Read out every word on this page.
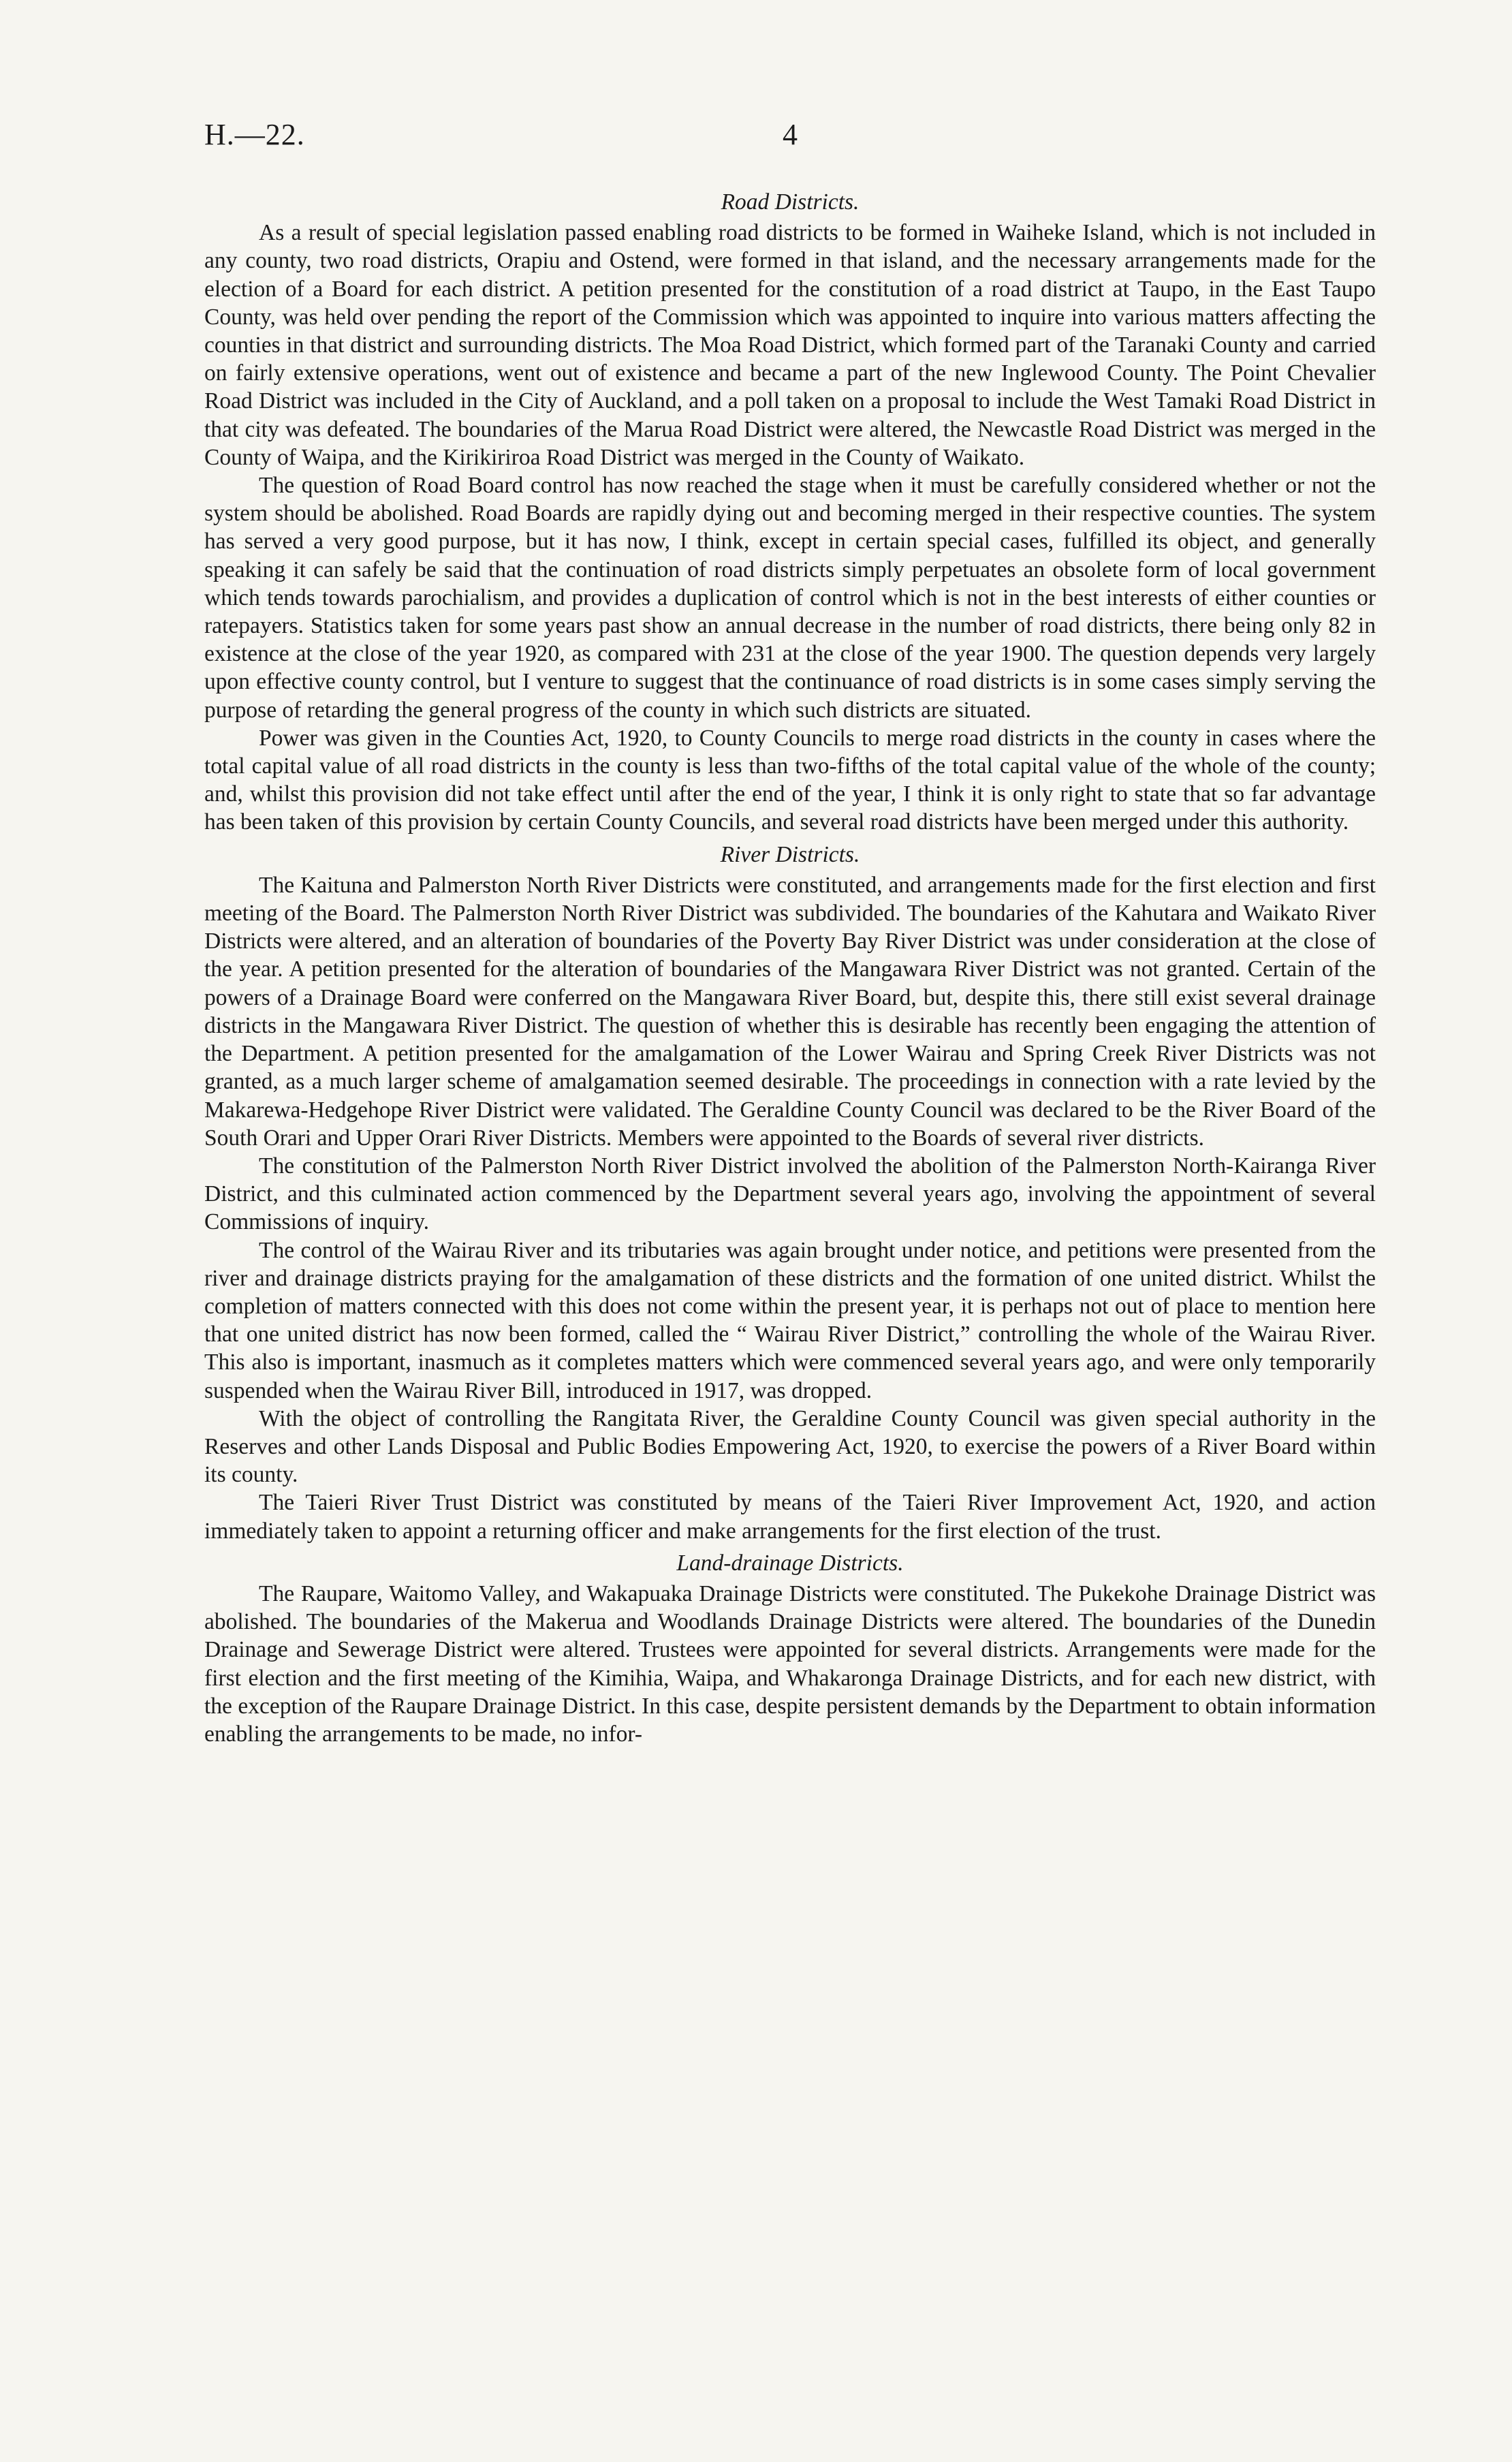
H.—22.	4
Road Districts.

As a result of special legislation passed enabling road districts to be formed in Waiheke Island, which is not included in any county, two road districts, Orapiu and Ostend, were formed in that island, and the necessary arrangements made for the election of a Board for each district. A petition presented for the constitution of a road district at Taupo, in the East Taupo County, was held over pending the report of the Commission which was appointed to inquire into various matters affecting the counties in that district and surrounding districts. The Moa Road District, which formed part of the Taranaki County and carried on fairly extensive operations, went out of existence and became a part of the new Inglewood County. The Point Chevalier Road District was included in the City of Auckland, and a poll taken on a proposal to include the West Tamaki Road District in that city was defeated. The boundaries of the Marua Road District were altered, the Newcastle Road District was merged in the County of Waipa, and the Kirikiriroa Road District was merged in the County of Waikato.

The question of Road Board control has now reached the stage when it must be carefully considered whether or not the system should be abolished. Road Boards are rapidly dying out and becoming merged in their respective counties. The system has served a very good purpose, but it has now, I think, except in certain special cases, fulfilled its object, and generally speaking it can safely be said that the continuation of road districts simply perpetuates an obsolete form of local government which tends towards parochialism, and provides a duplication of control which is not in the best interests of either counties or ratepayers. Statistics taken for some years past show an annual decrease in the number of road districts, there being only 82 in existence at the close of the year 1920, as compared with 231 at the close of the year 1900. The question depends very largely upon effective county control, but I venture to suggest that the continuance of road districts is in some cases simply serving the purpose of retarding the general progress of the county in which such districts are situated.

Power was given in the Counties Act, 1920, to County Councils to merge road districts in the county in cases where the total capital value of all road districts in the county is less than two-fifths of the total capital value of the whole of the county; and, whilst this provision did not take effect until after the end of the year, I think it is only right to state that so far advantage has been taken of this provision by certain County Councils, and several road districts have been merged under this authority.

River Districts.

The Kaituna and Palmerston North River Districts were constituted, and arrangements made for the first election and first meeting of the Board. The Palmerston North River District was subdivided. The boundaries of the Kahutara and Waikato River Districts were altered, and an alteration of boundaries of the Poverty Bay River District was under consideration at the close of the year. A petition presented for the alteration of boundaries of the Mangawara River District was not granted. Certain of the powers of a Drainage Board were conferred on the Mangawara River Board, but, despite this, there still exist several drainage districts in the Mangawara River District. The question of whether this is desirable has recently been engaging the attention of the Department. A petition presented for the amalgamation of the Lower Wairau and Spring Creek River Districts was not granted, as a much larger scheme of amalgamation seemed desirable. The proceedings in connection with a rate levied by the Makarewa-Hedgehope River District were validated. The Geraldine County Council was declared to be the River Board of the South Orari and Upper Orari River Districts. Members were appointed to the Boards of several river districts.

The constitution of the Palmerston North River District involved the abolition of the Palmerston North-Kairanga River District, and this culminated action commenced by the Department several years ago, involving the appointment of several Commissions of inquiry.

The control of the Wairau River and its tributaries was again brought under notice, and petitions were presented from the river and drainage districts praying for the amalgamation of these districts and the formation of one united district. Whilst the completion of matters connected with this does not come within the present year, it is perhaps not out of place to mention here that one united district has now been formed, called the “ Wairau River District,” controlling the whole of the Wairau River. This also is important, inasmuch as it completes matters which were commenced several years ago, and were only temporarily suspended when the Wairau River Bill, introduced in 1917, was dropped.

With the object of controlling the Rangitata River, the Geraldine County Council was given special authority in the Reserves and other Lands Disposal and Public Bodies Empowering Act, 1920, to exercise the powers of a River Board within its county.

The Taieri River Trust District was constituted by means of the Taieri River Improvement Act, 1920, and action immediately taken to appoint a returning officer and make arrangements for the first election of the trust.

Land-drainage Districts.

The Raupare, Waitomo Valley, and Wakapuaka Drainage Districts were constituted. The Pukekohe Drainage District was abolished. The boundaries of the Makerua and Woodlands Drainage Districts were altered. The boundaries of the Dunedin Drainage and Sewerage District were altered. Trustees were appointed for several districts. Arrangements were made for the first election and the first meeting of the Kimihia, Waipa, and Whakaronga Drainage Districts, and for each new district, with the exception of the Raupare Drainage District. In this case, despite persistent demands by the Department to obtain information enabling the arrangements to be made, no infor-
